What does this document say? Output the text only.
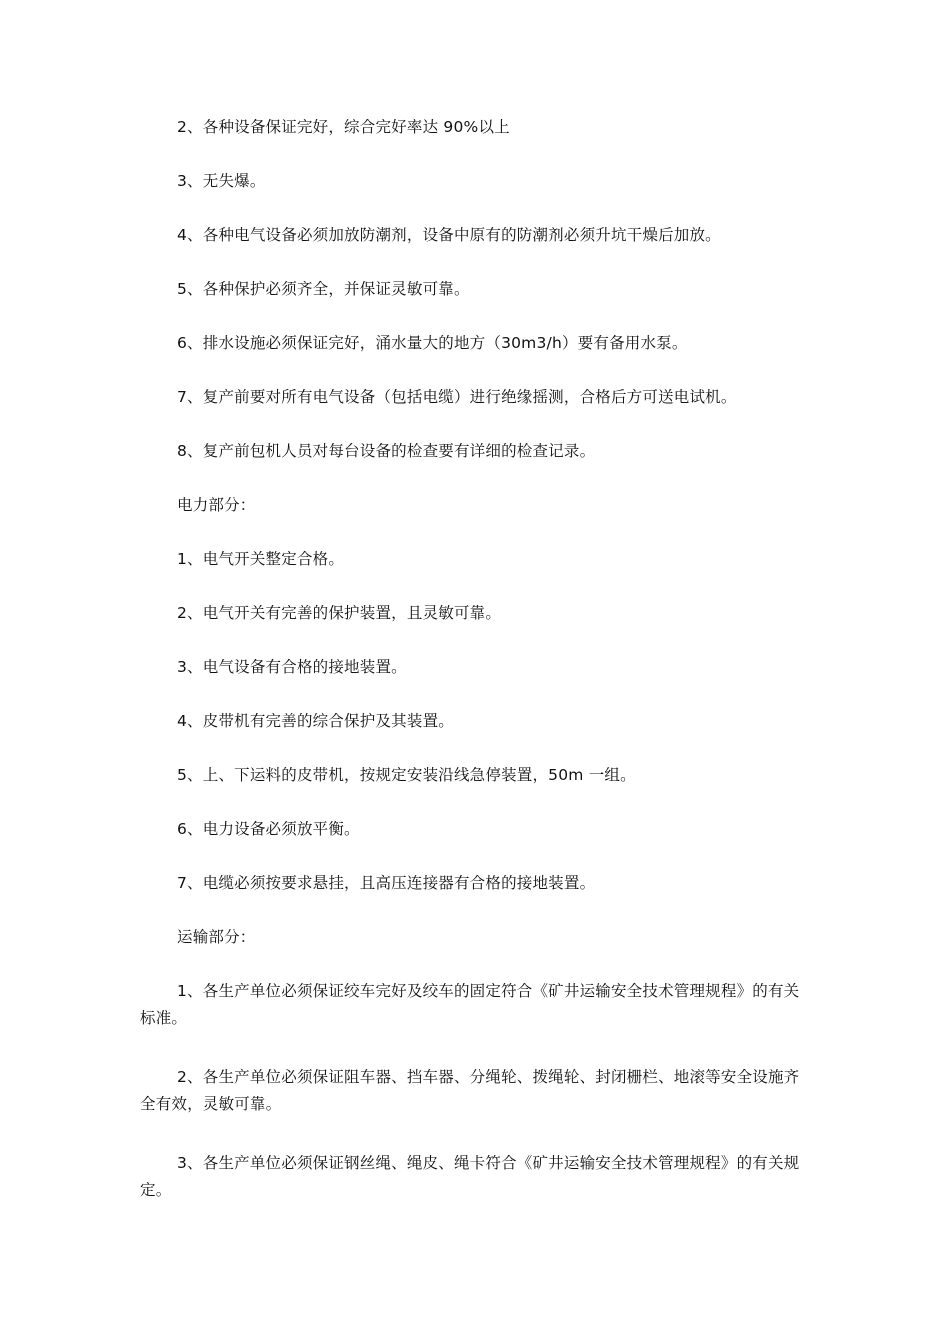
2、各种设备保证完好，综合完好率达 90%以上

3、无失爆。

4、各种电气设备必须加放防潮剂，设备中原有的防潮剂必须升坑干燥后加放。

5、各种保护必须齐全，并保证灵敏可靠。

6、排水设施必须保证完好，涌水量大的地方（30m3/h）要有备用水泵。

7、复产前要对所有电气设备（包括电缆）进行绝缘摇测，合格后方可送电试机。

8、复产前包机人员对每台设备的检查要有详细的检查记录。

电力部分：

1、电气开关整定合格。

2、电气开关有完善的保护装置，且灵敏可靠。

3、电气设备有合格的接地装置。

4、皮带机有完善的综合保护及其装置。

5、上、下运料的皮带机，按规定安装沿线急停装置，50m 一组。

6、电力设备必须放平衡。

7、电缆必须按要求悬挂，且高压连接器有合格的接地装置。

运输部分：

1、各生产单位必须保证绞车完好及绞车的固定符合《矿井运输安全技术管理规程》的有关标准。

2、各生产单位必须保证阻车器、挡车器、分绳轮、拨绳轮、封闭栅栏、地滚等安全设施齐全有效，灵敏可靠。

3、各生产单位必须保证钢丝绳、绳皮、绳卡符合《矿井运输安全技术管理规程》的有关规定。
